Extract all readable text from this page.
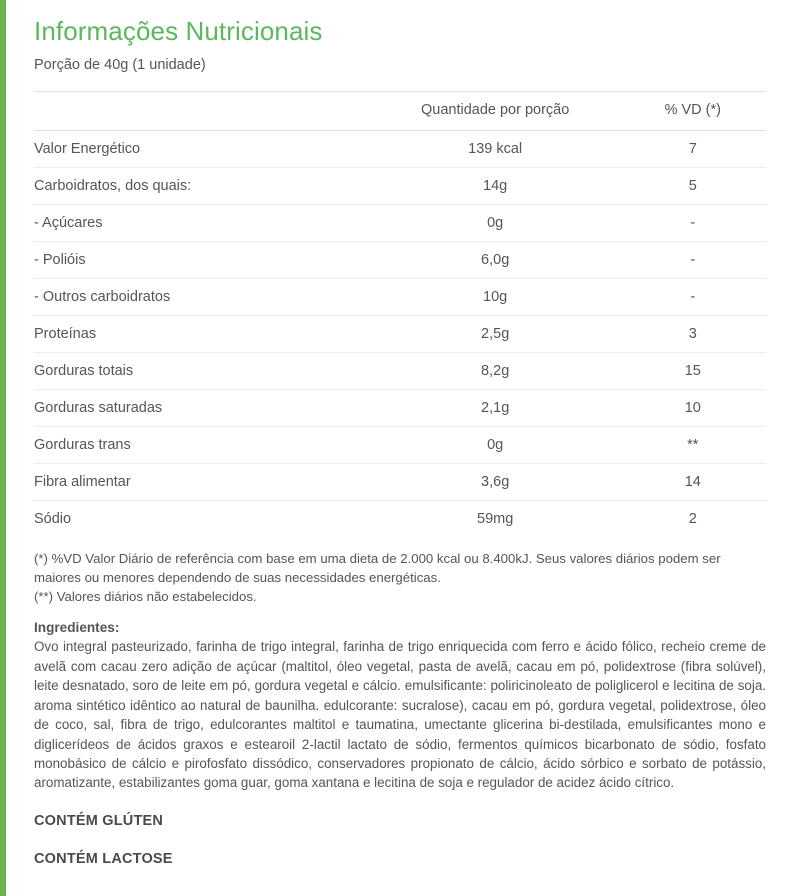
Informações Nutricionais
Porção de 40g (1 unidade)
	Quantidade por porção	% VD (*)
Valor Energético	139 kcal	7
Carboidratos, dos quais:	14g	5
- Açúcares	0g	-
- Polióis	6,0g	-
- Outros carboidratos	10g	-
Proteínas	2,5g	3
Gorduras totais	8,2g	15
Gorduras saturadas	2,1g	10
Gorduras trans	0g	**
Fibra alimentar	3,6g	14
Sódio	59mg	2
(*) %VD Valor Diário de referência com base em uma dieta de 2.000 kcal ou 8.400kJ. Seus valores diários podem ser maiores ou menores dependendo de suas necessidades energéticas.
(**) Valores diários não estabelecidos.
Ingredientes:
Ovo integral pasteurizado, farinha de trigo integral, farinha de trigo enriquecida com ferro e ácido fólico, recheio creme de avelã com cacau zero adição de açúcar (maltitol, óleo vegetal, pasta de avelã, cacau em pó, polidextrose (fibra solúvel), leite desnatado, soro de leite em pó, gordura vegetal e cálcio. emulsificante: poliricinoleato de poliglicerol e lecitina de soja. aroma sintético idêntico ao natural de baunilha. edulcorante: sucralose), cacau em pó, gordura vegetal, polidextrose, óleo de coco, sal, fibra de trigo, edulcorantes maltitol e taumatina, umectante glicerina bi-destilada, emulsificantes mono e diglicerídeos de ácidos graxos e estearoil 2-lactil lactato de sódio, fermentos químicos bicarbonato de sódio, fosfato monobásico de cálcio e pirofosfato dissódico, conservadores propionato de cálcio, ácido sórbico e sorbato de potássio, aromatizante, estabilizantes goma guar, goma xantana e lecitina de soja e regulador de acidez ácido cítrico.
CONTÉM GLÚTEN
CONTÉM LACTOSE
